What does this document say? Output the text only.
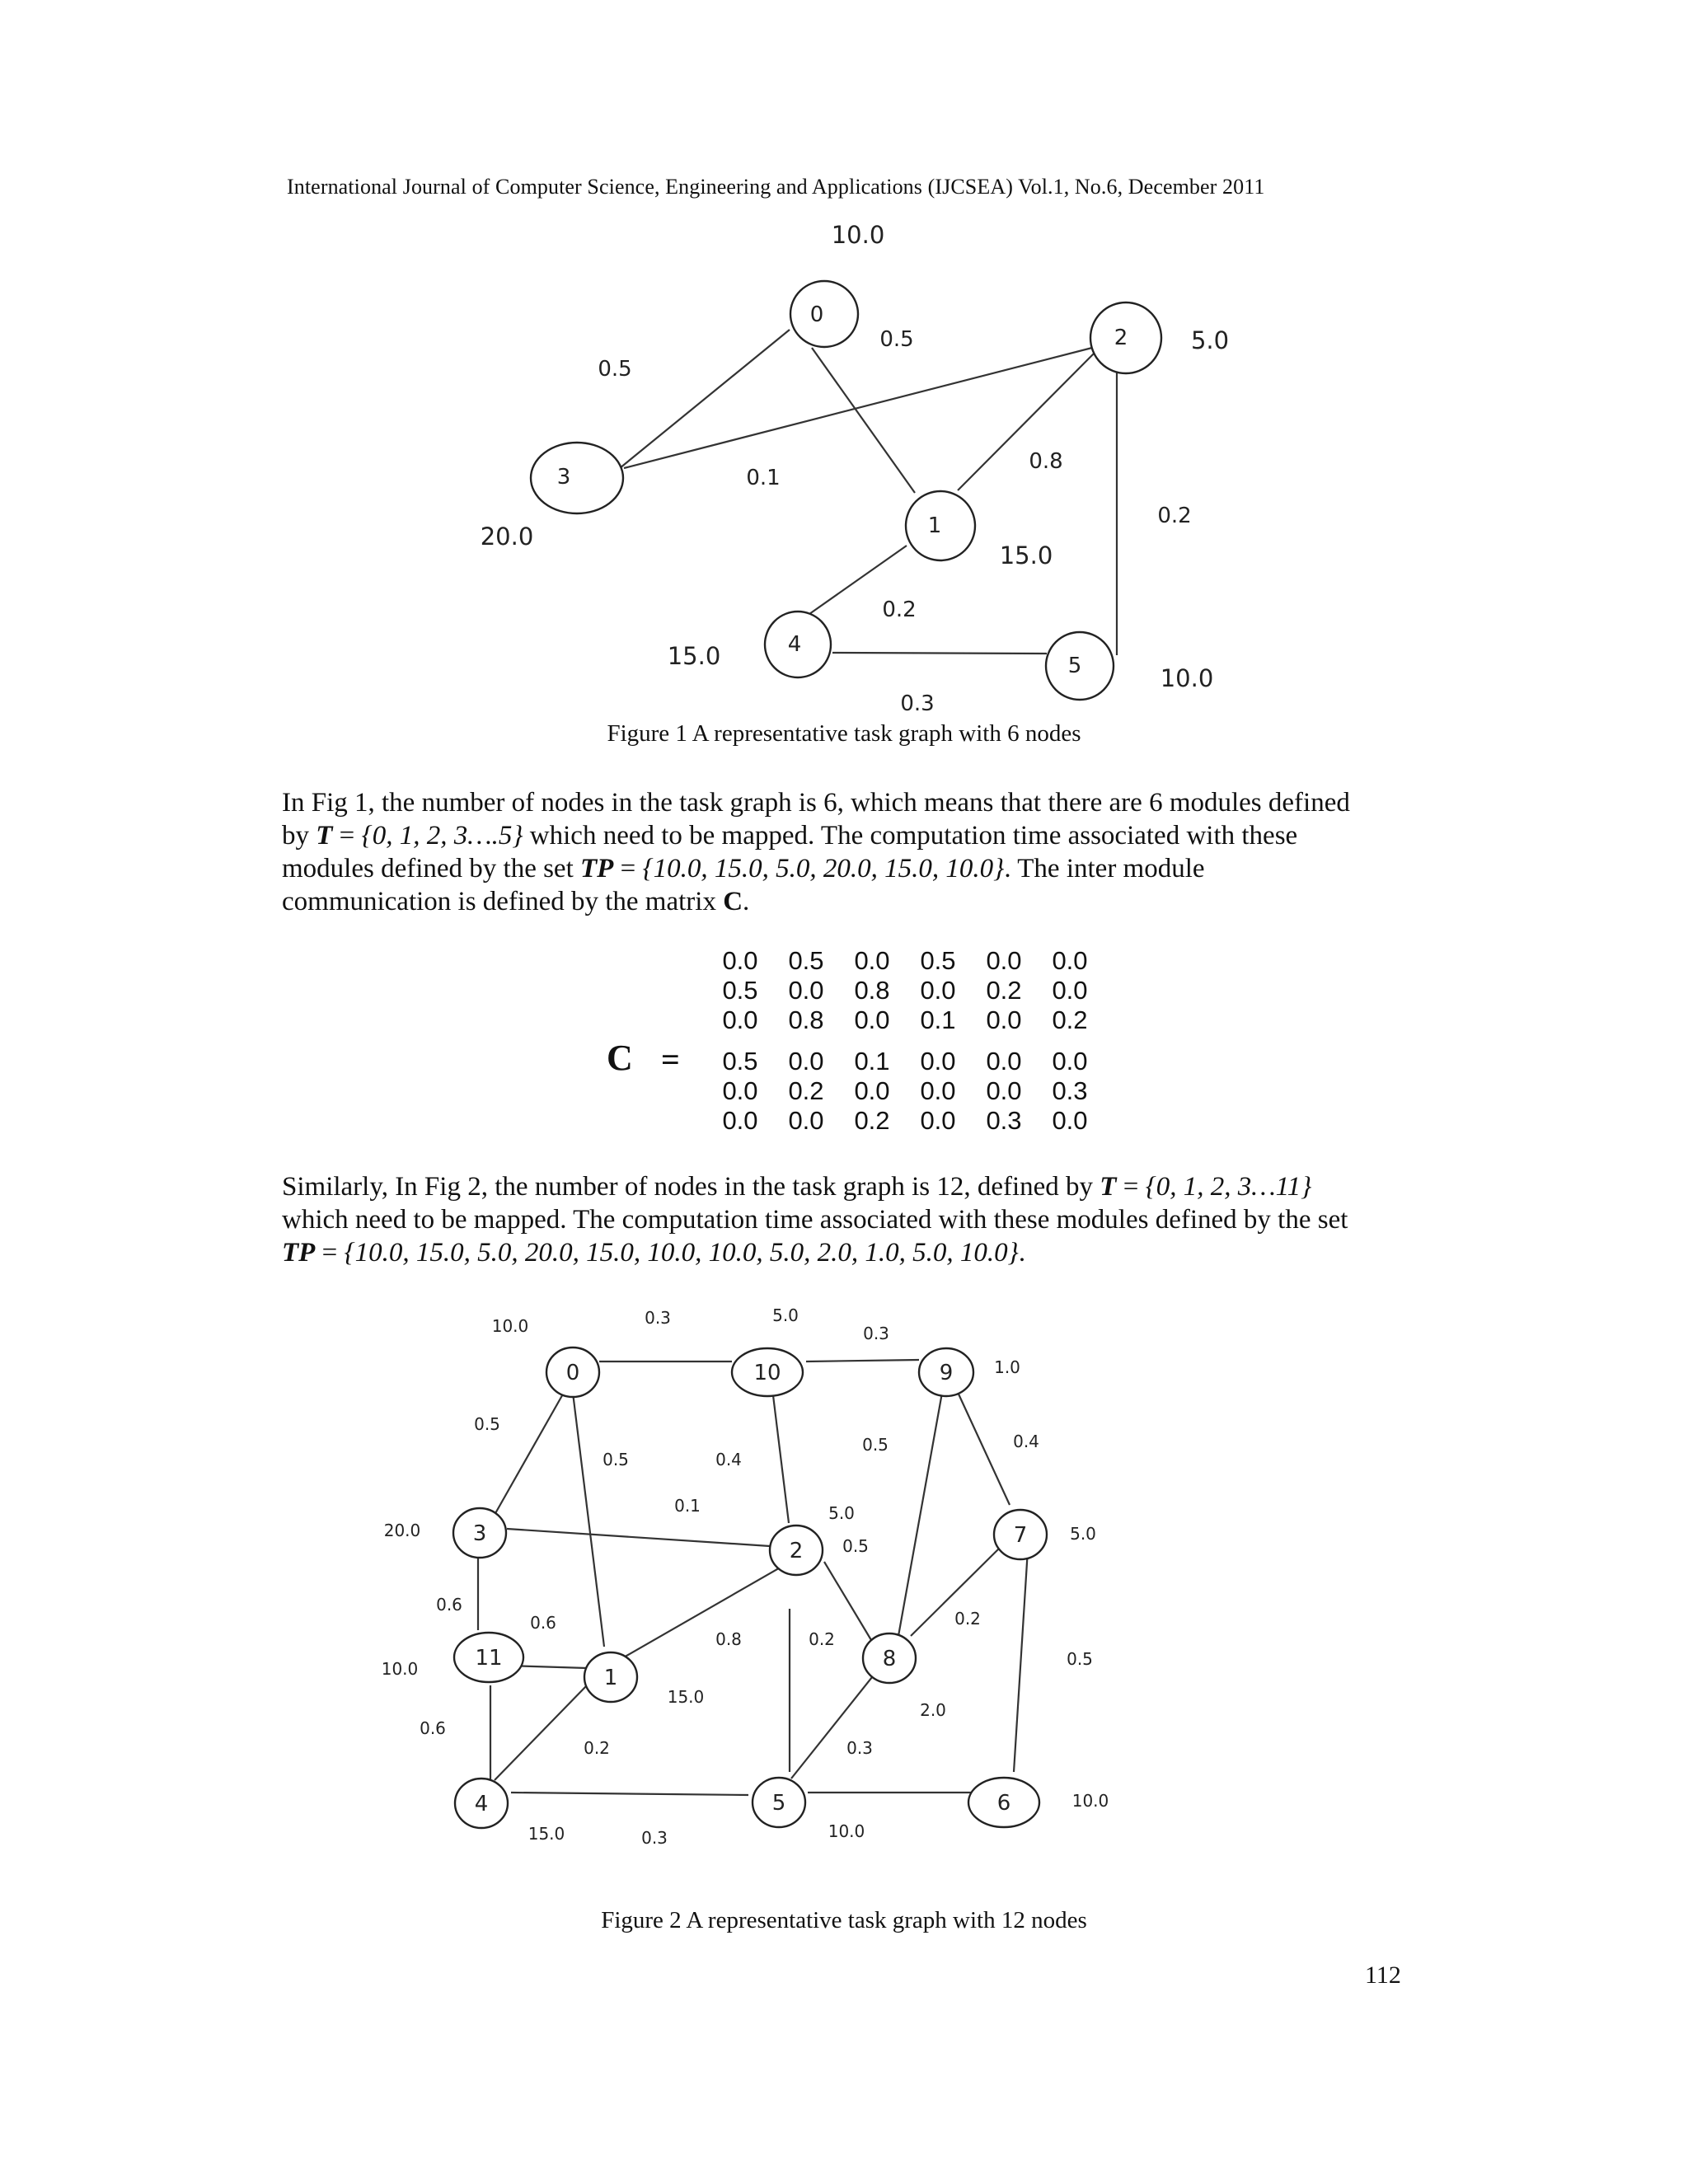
International Journal of Computer Science, Engineering and Applications (IJCSEA) Vol.1, No.6, December 2011
0
2
3
1
4
5
10.0
5.0
20.0
15.0
15.0
10.0
0.5
0.5
0.1
0.8
0.2
0.2
0.3
Figure 1 A representative task graph with 6 nodes
In Fig 1, the number of nodes in the task graph is 6, which means that there are 6 modules defined
by T = {0, 1, 2, 3….5} which need to be mapped. The computation time associated with these
modules defined by the set TP = {10.0, 15.0, 5.0, 20.0, 15.0, 10.0}. The inter module
communication is defined by the matrix C.
C =
0.0	0.5	0.0	0.5	0.0	0.0
0.5	0.0	0.8	0.0	0.2	0.0
0.0	0.8	0.0	0.1	0.0	0.2
0.5	0.0	0.1	0.0	0.0	0.0
0.0	0.2	0.0	0.0	0.0	0.3
0.0	0.0	0.2	0.0	0.3	0.0
Similarly, In Fig 2, the number of nodes in the task graph is 12, defined by T = {0, 1, 2, 3…11}
which need to be mapped. The computation time associated with these modules defined by the set
TP = {10.0, 15.0, 5.0, 20.0, 15.0, 10.0, 10.0, 5.0, 2.0, 1.0, 5.0, 10.0}.
0	10	9
3
2
7
11
1
8
4	5	6
10.0
5.0
1.0
20.0
5.0
5.0
10.0
15.0
2.0
15.0	10.0
10.0
0.3
0.3
0.5
0.5	0.4
0.5	0.4
0.1
0.5
0.6
0.6
0.8	0.2
0.2
0.5
0.6
0.2	0.3
0.3
Figure 2 A representative task graph with 12 nodes
112
